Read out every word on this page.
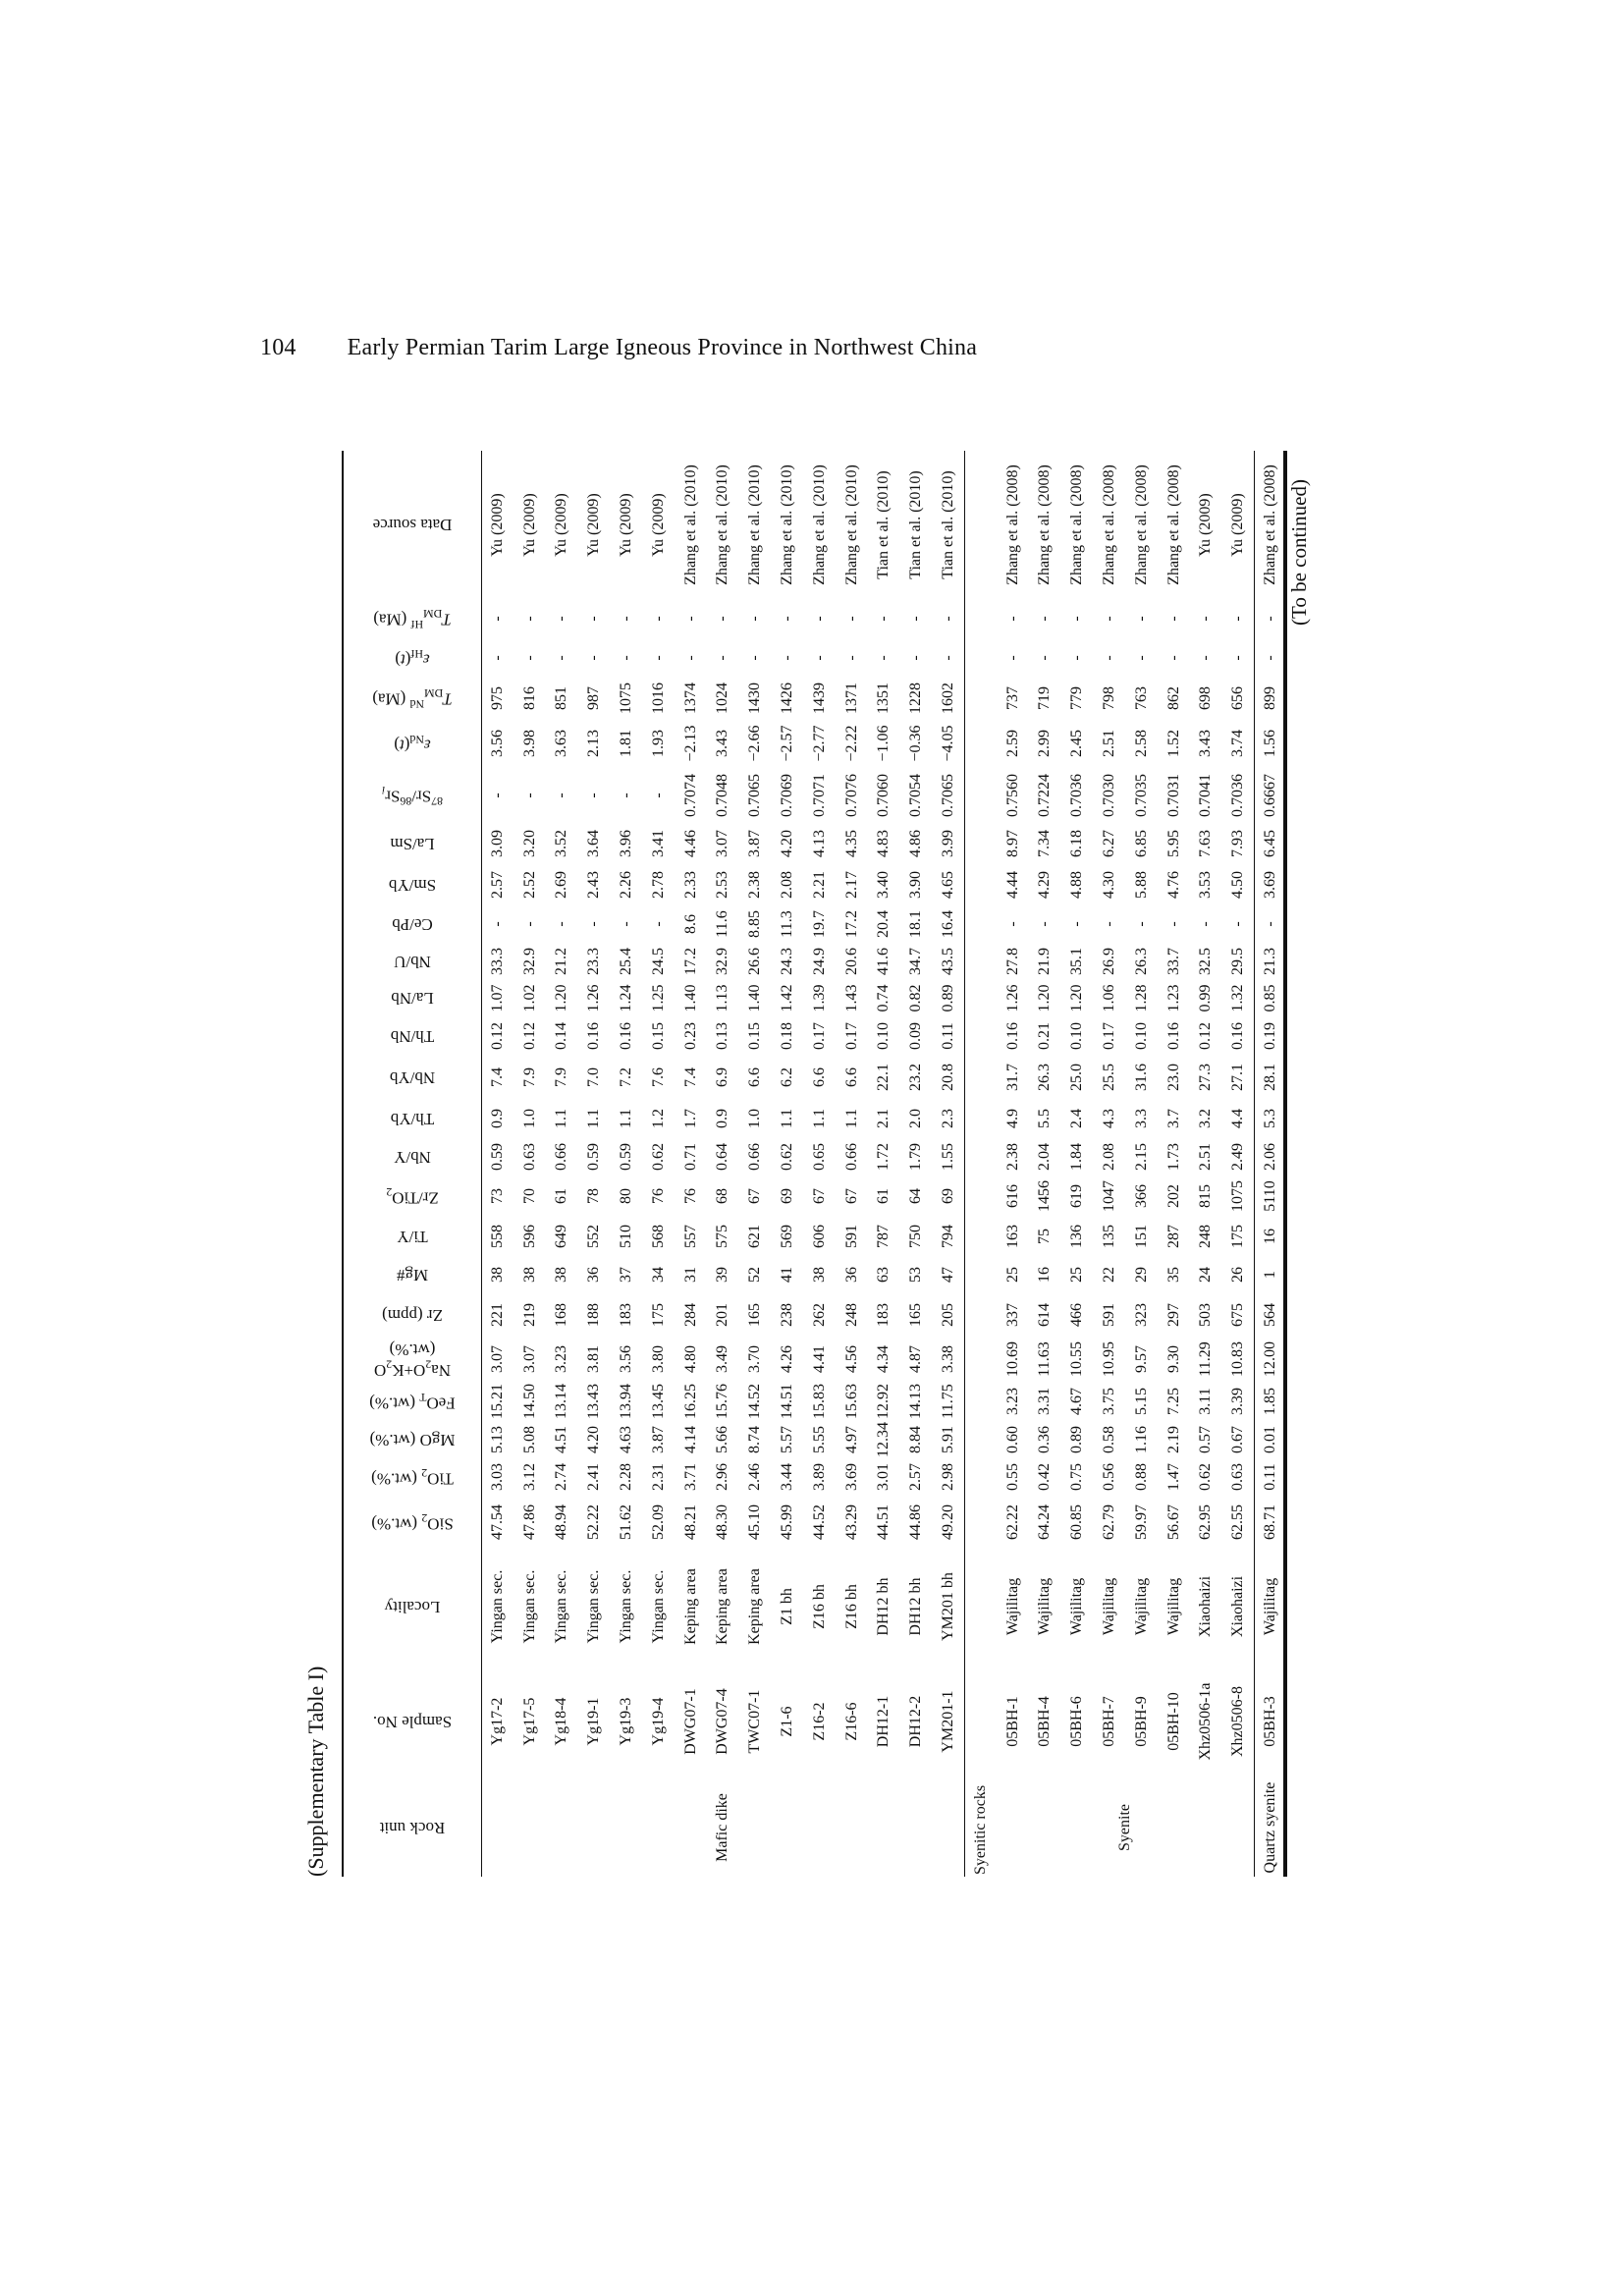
104 Early Permian Tarim Large Igneous Province in Northwest China
(Supplementary Table I)
(To be continued)
Rock unit	Sample No.	Locality	SiO$_2$ (wt.%)	TiO$_2$ (wt.%)	MgO (wt.%)	FeO$_T$ (wt.%)	$Na_2O+K_2O$
(wt.%)	Zr (ppm)	Mg#	Ti/Y	Zr/TiO$_2$	Nb/Y	Th/Yb	Nb/Yb	Th/Nb	La/Nb	Nb/U	Ce/Pb	Sm/Yb	La/Sm	$^{87}Sr/^{86}Sr_i$	$\varepsilon_{Nd}(t)$	$T_{DM}^{Nd}$ (Ma)	$\varepsilon_{Hf}(t)$	$T_{DM}^{Hf}$ (Ma)	Data source

Mafic dike	Yg17-2	Yingan sec.	47.54	3.03	5.13	15.21	3.07	221	38	558	73	0.59	0.9	7.4	0.12	1.07	33.3	-	2.57	3.09	-	3.56	975	-	-	Yu (2009)
	Yg17-5	Yingan sec.	47.86	3.12	5.08	14.50	3.07	219	38	596	70	0.63	1.0	7.9	0.12	1.02	32.9	-	2.52	3.20	-	3.98	816	-	-	Yu (2009)
	Yg18-4	Yingan sec.	48.94	2.74	4.51	13.14	3.23	168	38	649	61	0.66	1.1	7.9	0.14	1.20	21.2	-	2.69	3.52	-	3.63	851	-	-	Yu (2009)
	Yg19-1	Yingan sec.	52.22	2.41	4.20	13.43	3.81	188	36	552	78	0.59	1.1	7.0	0.16	1.26	23.3	-	2.43	3.64	-	2.13	987	-	-	Yu (2009)
	Yg19-3	Yingan sec.	51.62	2.28	4.63	13.94	3.56	183	37	510	80	0.59	1.1	7.2	0.16	1.24	25.4	-	2.26	3.96	-	1.81	1075	-	-	Yu (2009)
	Yg19-4	Yingan sec.	52.09	2.31	3.87	13.45	3.80	175	34	568	76	0.62	1.2	7.6	0.15	1.25	24.5	-	2.78	3.41	-	1.93	1016	-	-	Yu (2009)
	DWG07-1	Keping area	48.21	3.71	4.14	16.25	4.80	284	31	557	76	0.71	1.7	7.4	0.23	1.40	17.2	8.6	2.33	4.46	0.7074	−2.13	1374	-	-	Zhang et al. (2010)
	DWG07-4	Keping area	48.30	2.96	5.66	15.76	3.49	201	39	575	68	0.64	0.9	6.9	0.13	1.13	32.9	11.6	2.53	3.07	0.7048	3.43	1024	-	-	Zhang et al. (2010)
	TWC07-1	Keping area	45.10	2.46	8.74	14.52	3.70	165	52	621	67	0.66	1.0	6.6	0.15	1.40	26.6	8.85	2.38	3.87	0.7065	−2.66	1430	-	-	Zhang et al. (2010)
	Z1-6	Z1 bh	45.99	3.44	5.57	14.51	4.26	238	41	569	69	0.62	1.1	6.2	0.18	1.42	24.3	11.3	2.08	4.20	0.7069	−2.57	1426	-	-	Zhang et al. (2010)
	Z16-2	Z16 bh	44.52	3.89	5.55	15.83	4.41	262	38	606	67	0.65	1.1	6.6	0.17	1.39	24.9	19.7	2.21	4.13	0.7071	−2.77	1439	-	-	Zhang et al. (2010)
	Z16-6	Z16 bh	43.29	3.69	4.97	15.63	4.56	248	36	591	67	0.66	1.1	6.6	0.17	1.43	20.6	17.2	2.17	4.35	0.7076	−2.22	1371	-	-	Zhang et al. (2010)
	DH12-1	DH12 bh	44.51	3.01	12.34	12.92	4.34	183	63	787	61	1.72	2.1	22.1	0.10	0.74	41.6	20.4	3.40	4.83	0.7060	−1.06	1351	-	-	Tian et al. (2010)
	DH12-2	DH12 bh	44.86	2.57	8.84	14.13	4.87	165	53	750	64	1.79	2.0	23.2	0.09	0.82	34.7	18.1	3.90	4.86	0.7054	−0.36	1228	-	-	Tian et al. (2010)
	YM201-1	YM201 bh	49.20	2.98	5.91	11.75	3.38	205	47	794	69	1.55	2.3	20.8	0.11	0.89	43.5	16.4	4.65	3.99	0.7065	−4.05	1602	-	-	Tian et al. (2010)
Syenitic rocks																										
Syenite	05BH-1	Wajilitag	62.22	0.55	0.60	3.23	10.69	337	25	163	616	2.38	4.9	31.7	0.16	1.26	27.8	-	4.44	8.97	0.7560	2.59	737	-	-	Zhang et al. (2008)
	05BH-4	Wajilitag	64.24	0.42	0.36	3.31	11.63	614	16	75	1456	2.04	5.5	26.3	0.21	1.20	21.9	-	4.29	7.34	0.7224	2.99	719	-	-	Zhang et al. (2008)
	05BH-6	Wajilitag	60.85	0.75	0.89	4.67	10.55	466	25	136	619	1.84	2.4	25.0	0.10	1.20	35.1	-	4.88	6.18	0.7036	2.45	779	-	-	Zhang et al. (2008)
	05BH-7	Wajilitag	62.79	0.56	0.58	3.75	10.95	591	22	135	1047	2.08	4.3	25.5	0.17	1.06	26.9	-	4.30	6.27	0.7030	2.51	798	-	-	Zhang et al. (2008)
	05BH-9	Wajilitag	59.97	0.88	1.16	5.15	9.57	323	29	151	366	2.15	3.3	31.6	0.10	1.28	26.3	-	5.88	6.85	0.7035	2.58	763	-	-	Zhang et al. (2008)
	05BH-10	Wajilitag	56.67	1.47	2.19	7.25	9.30	297	35	287	202	1.73	3.7	23.0	0.16	1.23	33.7	-	4.76	5.95	0.7031	1.52	862	-	-	Zhang et al. (2008)
	Xhz0506-1a	Xiaohaizi	62.95	0.62	0.57	3.11	11.29	503	24	248	815	2.51	3.2	27.3	0.12	0.99	32.5	-	3.53	7.63	0.7041	3.43	698	-	-	Yu (2009)
	Xhz0506-8	Xiaohaizi	62.55	0.63	0.67	3.39	10.83	675	26	175	1075	2.49	4.4	27.1	0.16	1.32	29.5	-	4.50	7.93	0.7036	3.74	656	-	-	Yu (2009)
Quartz syenite	05BH-3	Wajilitag	68.71	0.11	0.01	1.85	12.00	564	1	16	5110	2.06	5.3	28.1	0.19	0.85	21.3	-	3.69	6.45	0.6667	1.56	899	-	-	Zhang et al. (2008)
